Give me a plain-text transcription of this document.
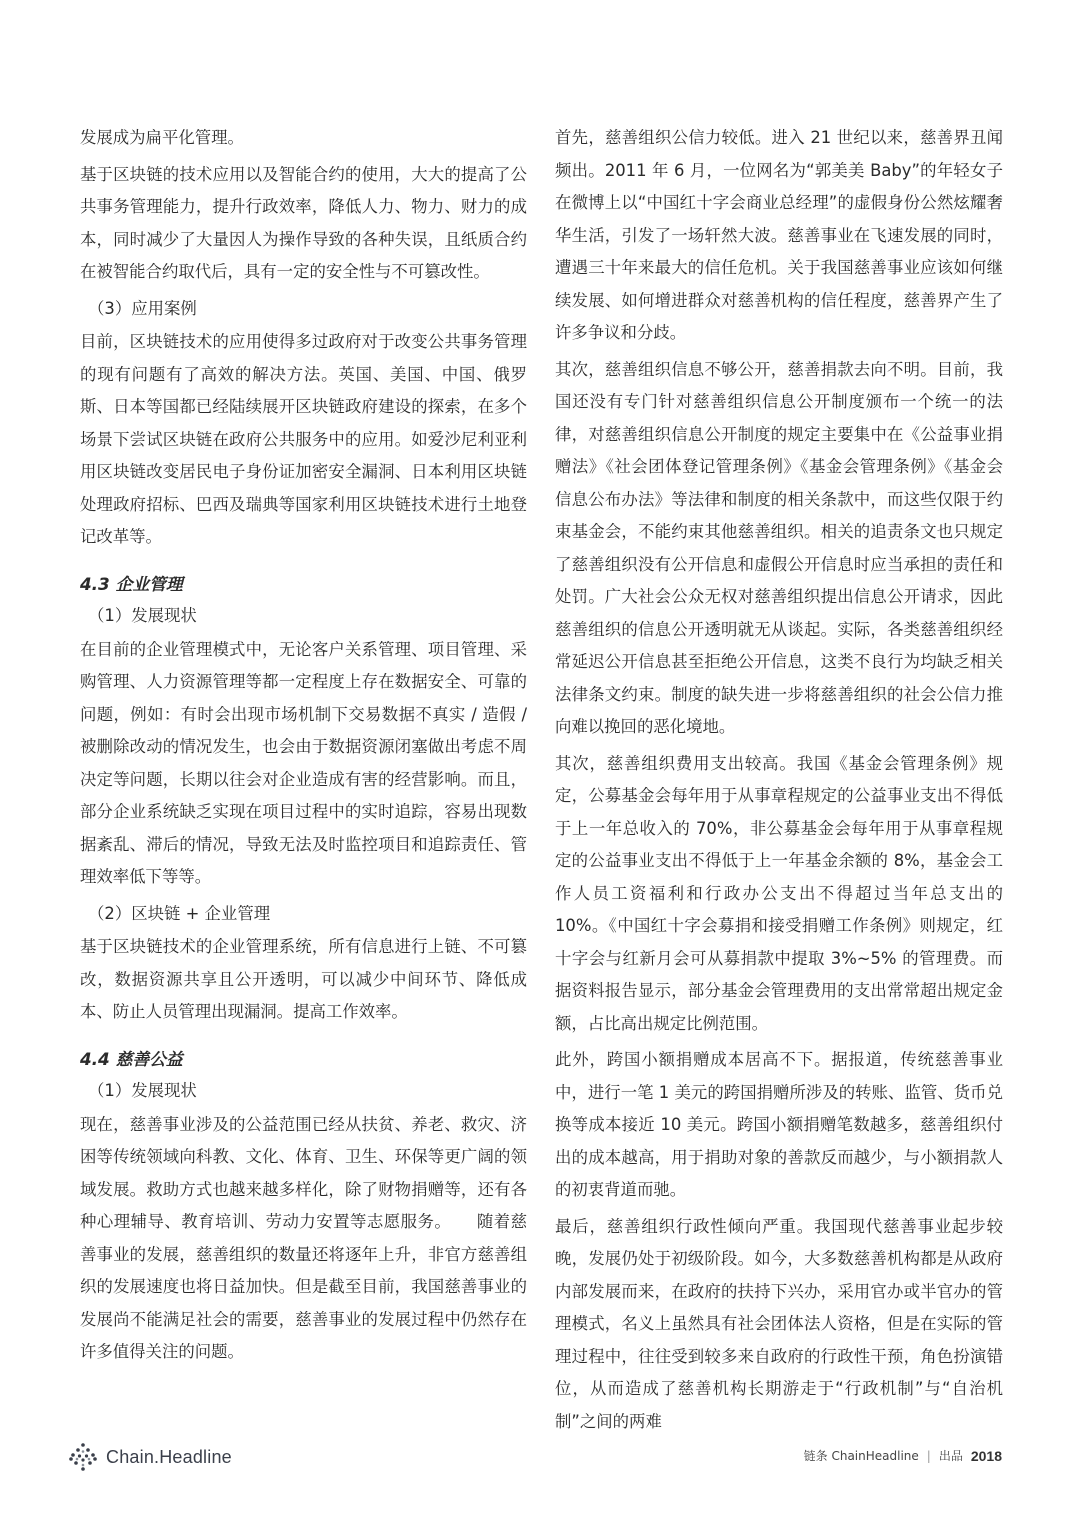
发展成为扁平化管理。

基于区块链的技术应用以及智能合约的使用，大大的提高了公共事务管理能力，提升行政效率，降低人力、物力、财力的成本，同时减少了大量因人为操作导致的各种失误，且纸质合约在被智能合约取代后，具有一定的安全性与不可篡改性。

（3）应用案例

目前，区块链技术的应用使得多过政府对于改变公共事务管理的现有问题有了高效的解决方法。英国、美国、中国、俄罗斯、日本等国都已经陆续展开区块链政府建设的探索，在多个场景下尝试区块链在政府公共服务中的应用。如爱沙尼利亚利用区块链改变居民电子身份证加密安全漏洞、日本利用区块链处理政府招标、巴西及瑞典等国家利用区块链技术进行土地登记改革等。

4.3 企业管理

（1）发展现状

在目前的企业管理模式中，无论客户关系管理、项目管理、采购管理、人力资源管理等都一定程度上存在数据安全、可靠的问题，例如：有时会出现市场机制下交易数据不真实 / 造假 / 被删除改动的情况发生，也会由于数据资源闭塞做出考虑不周决定等问题，长期以往会对企业造成有害的经营影响。而且，部分企业系统缺乏实现在项目过程中的实时追踪，容易出现数据紊乱、滞后的情况，导致无法及时监控项目和追踪责任、管理效率低下等等。

（2）区块链 + 企业管理

基于区块链技术的企业管理系统，所有信息进行上链、不可篡改，数据资源共享且公开透明，可以减少中间环节、降低成本、防止人员管理出现漏洞。提高工作效率。

4.4 慈善公益

（1）发展现状

现在，慈善事业涉及的公益范围已经从扶贫、养老、救灾、济困等传统领域向科教、文化、体育、卫生、环保等更广阔的领域发展。救助方式也越来越多样化，除了财物捐赠等，还有各种心理辅导、教育培训、劳动力安置等志愿服务。　　随着慈善事业的发展，慈善组织的数量还将逐年上升，非官方慈善组织的发展速度也将日益加快。但是截至目前，我国慈善事业的发展尚不能满足社会的需要，慈善事业的发展过程中仍然存在许多值得关注的问题。

首先，慈善组织公信力较低。进入 21 世纪以来，慈善界丑闻频出。2011 年 6 月，一位网名为“郭美美 Baby”的年轻女子在微博上以“中国红十字会商业总经理”的虚假身份公然炫耀奢华生活，引发了一场轩然大波。慈善事业在飞速发展的同时，遭遇三十年来最大的信任危机。关于我国慈善事业应该如何继续发展、如何增进群众对慈善机构的信任程度，慈善界产生了许多争议和分歧。

其次，慈善组织信息不够公开，慈善捐款去向不明。目前，我国还没有专门针对慈善组织信息公开制度颁布一个统一的法律，对慈善组织信息公开制度的规定主要集中在《公益事业捐赠法》《社会团体登记管理条例》《基金会管理条例》《基金会信息公布办法》等法律和制度的相关条款中，而这些仅限于约束基金会，不能约束其他慈善组织。相关的追责条文也只规定了慈善组织没有公开信息和虚假公开信息时应当承担的责任和处罚。广大社会公众无权对慈善组织提出信息公开请求，因此慈善组织的信息公开透明就无从谈起。实际，各类慈善组织经常延迟公开信息甚至拒绝公开信息，这类不良行为均缺乏相关法律条文约束。制度的缺失进一步将慈善组织的社会公信力推向难以挽回的恶化境地。

其次，慈善组织费用支出较高。我国《基金会管理条例》规定，公募基金会每年用于从事章程规定的公益事业支出不得低于上一年总收入的 70%，非公募基金会每年用于从事章程规定的公益事业支出不得低于上一年基金余额的 8%，基金会工作人员工资福利和行政办公支出不得超过当年总支出的 10%。《中国红十字会募捐和接受捐赠工作条例》则规定，红十字会与红新月会可从募捐款中提取 3%~5% 的管理费。而据资料报告显示，部分基金会管理费用的支出常常超出规定金额，占比高出规定比例范围。

此外，跨国小额捐赠成本居高不下。据报道，传统慈善事业中，进行一笔 1 美元的跨国捐赠所涉及的转账、监管、货币兑换等成本接近 10 美元。跨国小额捐赠笔数越多，慈善组织付出的成本越高，用于捐助对象的善款反而越少，与小额捐款人的初衷背道而驰。

最后，慈善组织行政性倾向严重。我国现代慈善事业起步较晚，发展仍处于初级阶段。如今，大多数慈善机构都是从政府内部发展而来，在政府的扶持下兴办，采用官办或半官办的管理模式，名义上虽然具有社会团体法人资格，但是在实际的管理过程中，往往受到较多来自政府的行政性干预，角色扮演错位，从而造成了慈善机构长期游走于“行政机制”与“自治机制”之间的两难

Chain.Headline	链条 ChainHeadline | 出品 2018
